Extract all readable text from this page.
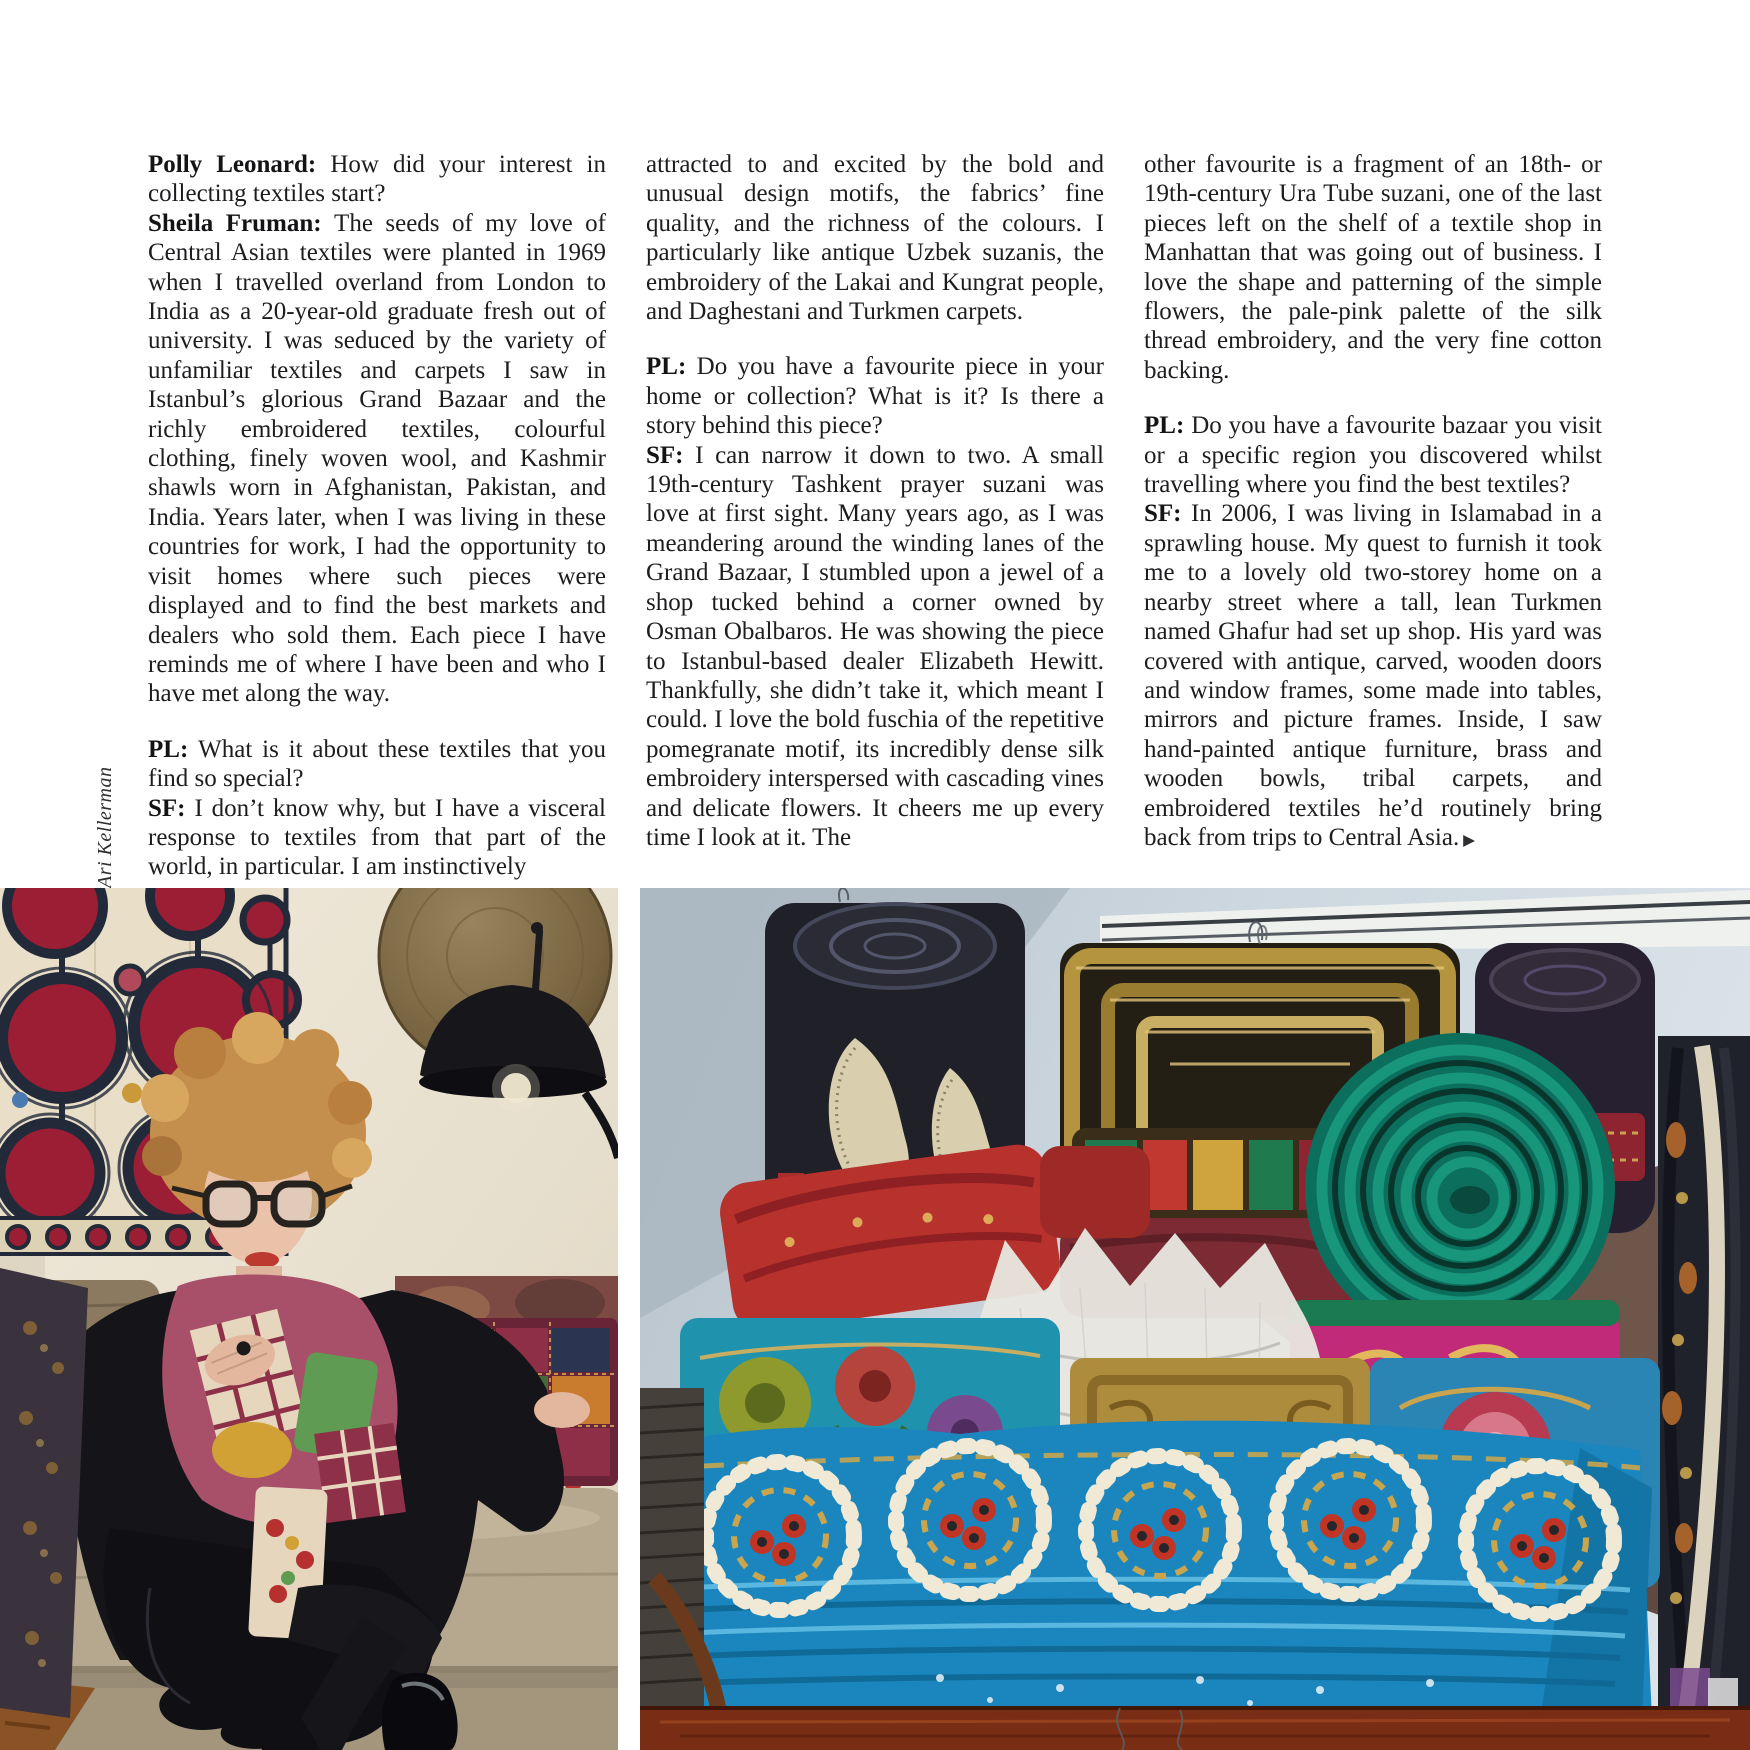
Polly Leonard: How did your interest in collecting textiles start?

Sheila Fruman: The seeds of my love of Central Asian textiles were planted in 1969 when I travelled overland from London to India as a 20-year-old graduate fresh out of university. I was seduced by the variety of unfamiliar textiles and carpets I saw in Istanbul’s glorious Grand Bazaar and the richly embroidered textiles, colourful clothing, finely woven wool, and Kashmir shawls worn in Afghanistan, Pakistan, and India. Years later, when I was living in these countries for work, I had the opportunity to visit homes where such pieces were displayed and to find the best markets and dealers who sold them. Each piece I have reminds me of where I have been and who I have met along the way.

PL: What is it about these textiles that you find so special?

SF: I don’t know why, but I have a visceral response to textiles from that part of the world, in particular. I am instinctively

attracted to and excited by the bold and unusual design motifs, the fabrics’ fine quality, and the richness of the colours. I particularly like antique Uzbek suzanis, the embroidery of the Lakai and Kungrat people, and Daghestani and Turkmen carpets.

PL: Do you have a favourite piece in your home or collection? What is it? Is there a story behind this piece?

SF: I can narrow it down to two. A small 19th-century Tashkent prayer suzani was love at first sight. Many years ago, as I was meandering around the winding lanes of the Grand Bazaar, I stumbled upon a jewel of a shop tucked behind a corner owned by Osman Obalbaros. He was showing the piece to Istanbul-based dealer Elizabeth Hewitt. Thankfully, she didn’t take it, which meant I could. I love the bold fuschia of the repetitive pomegranate motif, its incredibly dense silk embroidery interspersed with cascading vines and delicate flowers. It cheers me up every time I look at it. The

other favourite is a fragment of an 18th- or 19th-century Ura Tube suzani, one of the last pieces left on the shelf of a textile shop in Manhattan that was going out of business. I love the shape and patterning of the simple flowers, the pale-pink palette of the silk thread embroidery, and the very fine cotton backing.

PL: Do you have a favourite bazaar you visit or a specific region you discovered whilst travelling where you find the best textiles?

SF: In 2006, I was living in Islamabad in a sprawling house. My quest to furnish it took me to a lovely old two-storey home on a nearby street where a tall, lean Turkmen named Ghafur had set up shop. His yard was covered with antique, carved, wooden doors and window frames, some made into tables, mirrors and picture frames. Inside, I saw hand-painted antique furniture, brass and wooden bowls, tribal carpets, and embroidered textiles he’d routinely bring back from trips to Central Asia. ▶

Ari Kellerman
